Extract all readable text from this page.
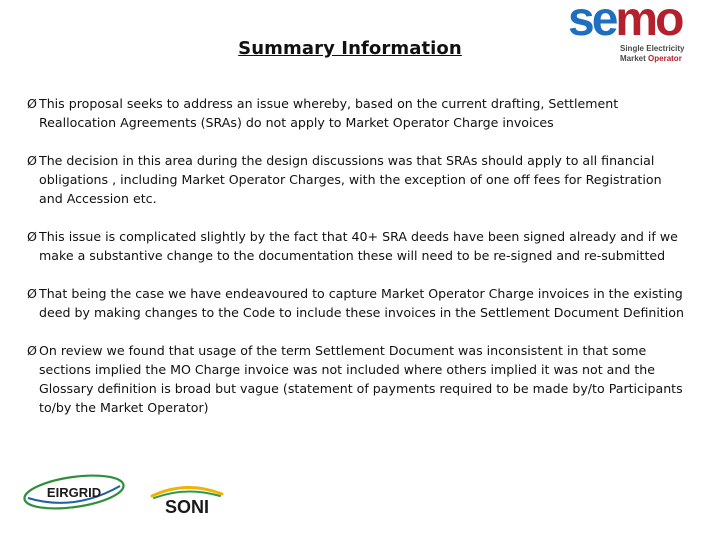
Summary Information
semo
Single Electricity
Market Operator
Ø This proposal seeks to address an issue whereby, based on the current drafting, Settlement Reallocation Agreements (SRAs) do not apply to Market Operator Charge invoices
Ø The decision in this area during the design discussions was that SRAs should apply to all financial obligations , including Market Operator Charges, with the exception of one off fees for Registration and Accession etc.
Ø This issue is complicated slightly by the fact that 40+ SRA deeds have been signed already and if we make a substantive change to the documentation these will need to be re-signed and re-submitted
Ø That being the case we have endeavoured to capture Market Operator Charge invoices in the existing deed by making changes to the Code to include these invoices in the Settlement Document Definition
Ø On review we found that usage of the term Settlement Document was inconsistent in that some sections implied the MO Charge invoice was not included where others implied it was not and the Glossary definition is broad but vague (statement of payments required to be made by/to Participants to/by the Market Operator)
EIRGRID
SONI
